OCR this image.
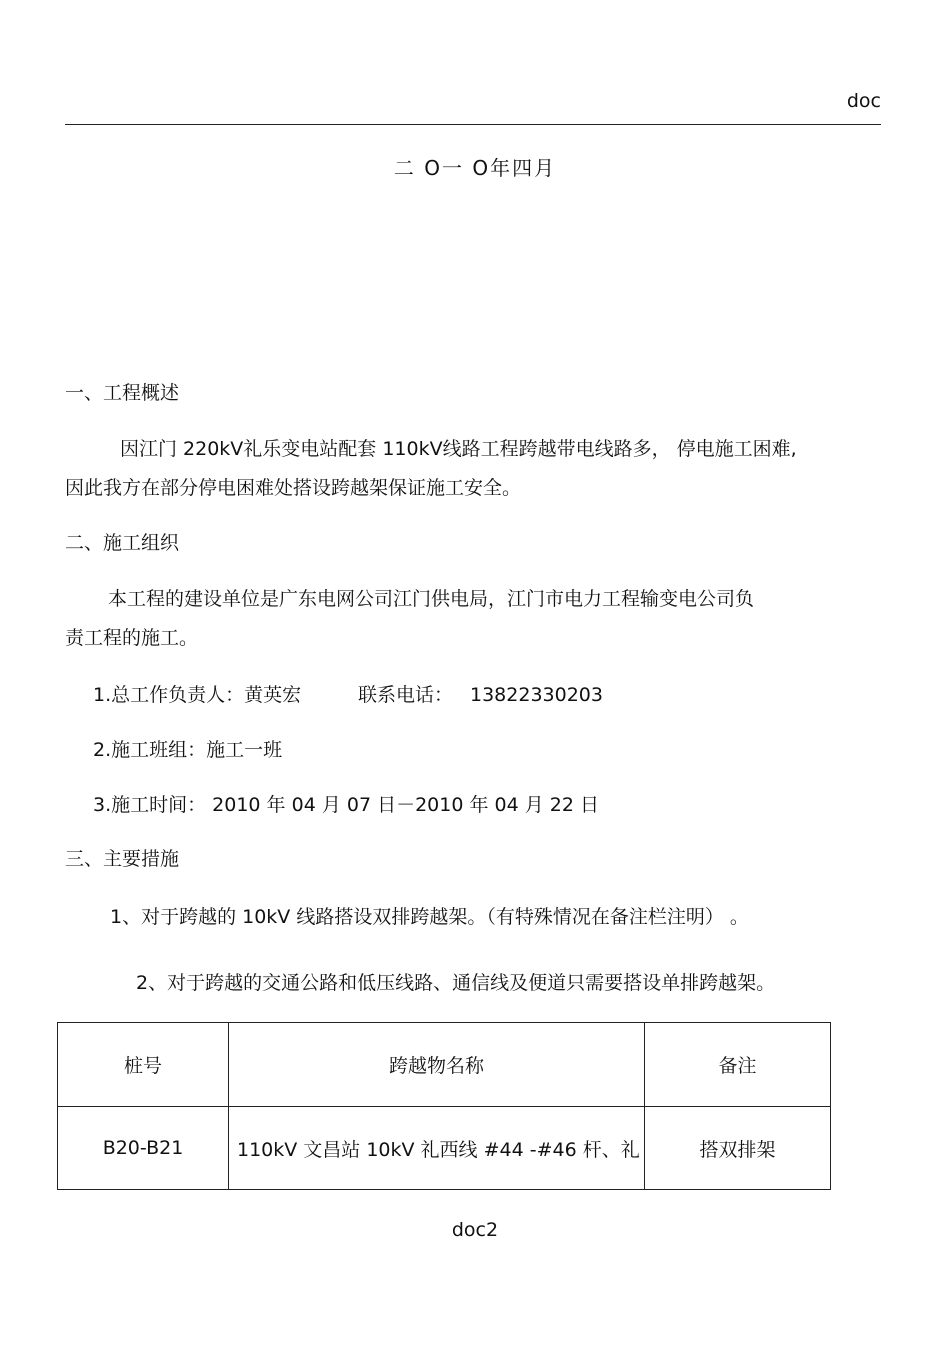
doc
二 O一 O年四月
一、工程概述
因江门 220kV礼乐变电站配套 110kV线路工程跨越带电线路多， 停电施工困难,
因此我方在部分停电困难处搭设跨越架保证施工安全。
二、施工组织
本工程的建设单位是广东电网公司江门供电局，江门市电力工程输变电公司负
责工程的施工。
1.总工作负责人：黄英宏	联系电话： 13822330203
2.施工班组：施工一班
3.施工时间： 2010 年 04 月 07 日－2010 年 04 月 22 日
三、主要措施
1、对于跨越的 10kV 线路搭设双排跨越架。（有特殊情况在备注栏注明） 。
2、对于跨越的交通公路和低压线路、通信线及便道只需要搭设单排跨越架。
桩号	跨越物名称	备注
B20-B21	110kV 文昌站 10kV 礼西线 #44 -#46 杆、礼	搭双排架
doc2
